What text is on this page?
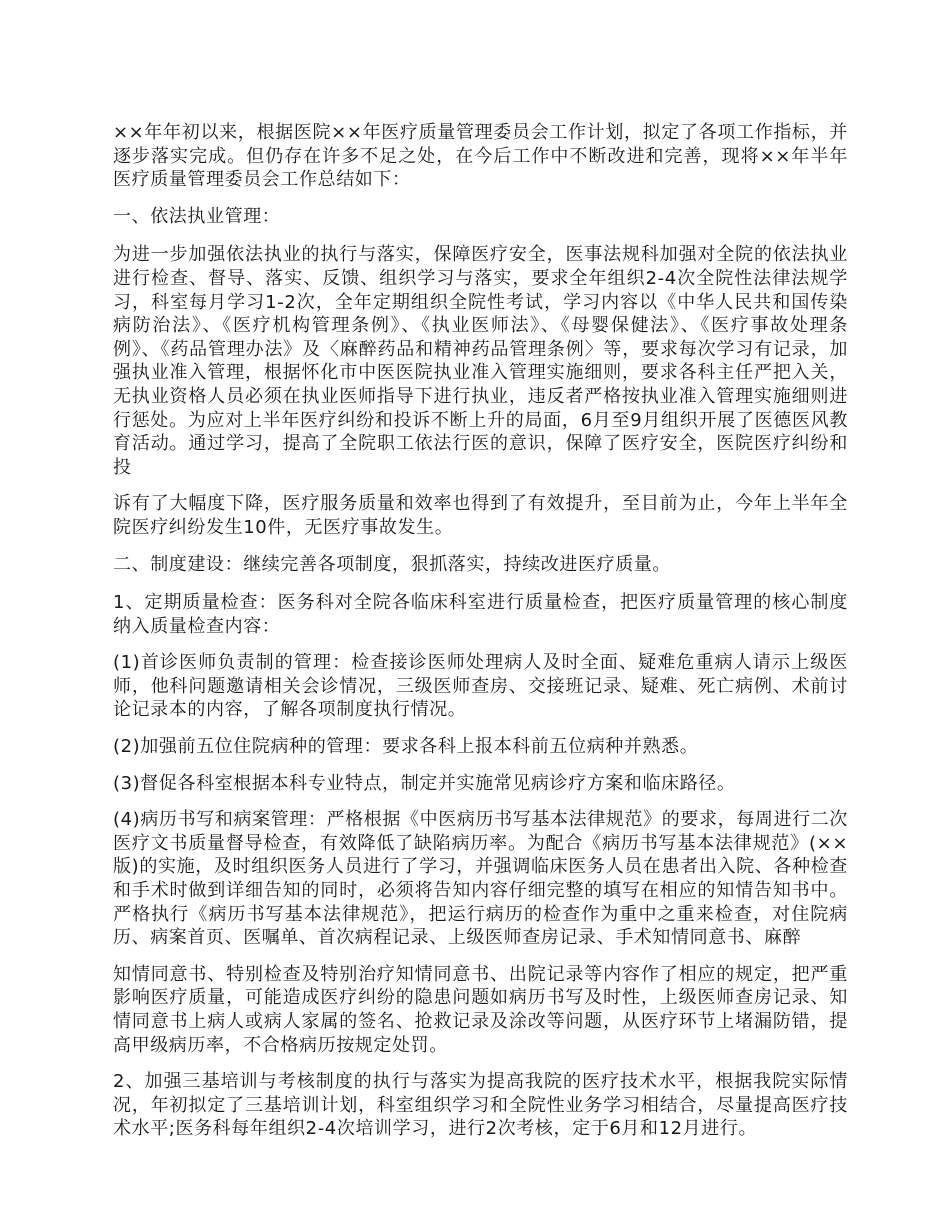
××年年初以来，根据医院××年医疗质量管理委员会工作计划，拟定了各项工作指标，并逐步落实完成。但仍存在许多不足之处，在今后工作中不断改进和完善，现将××年半年医疗质量管理委员会工作总结如下：

一、依法执业管理：

为进一步加强依法执业的执行与落实，保障医疗安全，医事法规科加强对全院的依法执业进行检查、督导、落实、反馈、组织学习与落实，要求全年组织2-4次全院性法律法规学习，科室每月学习1-2次，全年定期组织全院性考试，学习内容以《中华人民共和国传染病防治法》、《医疗机构管理条例》、《执业医师法》、《母婴保健法》、《医疗事故处理条例》、《药品管理办法》及〈麻醉药品和精神药品管理条例〉等，要求每次学习有记录，加强执业准入管理，根据怀化市中医医院执业准入管理实施细则，要求各科主任严把入关，无执业资格人员必须在执业医师指导下进行执业，违反者严格按执业准入管理实施细则进行惩处。为应对上半年医疗纠纷和投诉不断上升的局面，6月至9月组织开展了医德医风教育活动。通过学习，提高了全院职工依法行医的意识，保障了医疗安全，医院医疗纠纷和投

诉有了大幅度下降，医疗服务质量和效率也得到了有效提升，至目前为止，今年上半年全院医疗纠纷发生10件，无医疗事故发生。

二、制度建设：继续完善各项制度，狠抓落实，持续改进医疗质量。

1、定期质量检查：医务科对全院各临床科室进行质量检查，把医疗质量管理的核心制度纳入质量检查内容：

(1)首诊医师负责制的管理：检查接诊医师处理病人及时全面、疑难危重病人请示上级医师，他科问题邀请相关会诊情况，三级医师查房、交接班记录、疑难、死亡病例、术前讨论记录本的内容，了解各项制度执行情况。

(2)加强前五位住院病种的管理：要求各科上报本科前五位病种并熟悉。

(3)督促各科室根据本科专业特点，制定并实施常见病诊疗方案和临床路径。

(4)病历书写和病案管理：严格根据《中医病历书写基本法律规范》的要求，每周进行二次医疗文书质量督导检查，有效降低了缺陷病历率。为配合《病历书写基本法律规范》(××版)的实施，及时组织医务人员进行了学习，并强调临床医务人员在患者出入院、各种检查和手术时做到详细告知的同时，必须将告知内容仔细完整的填写在相应的知情告知书中。严格执行《病历书写基本法律规范》，把运行病历的检查作为重中之重来检查，对住院病历、病案首页、医嘱单、首次病程记录、上级医师查房记录、手术知情同意书、麻醉

知情同意书、特别检查及特别治疗知情同意书、出院记录等内容作了相应的规定，把严重影响医疗质量，可能造成医疗纠纷的隐患问题如病历书写及时性，上级医师查房记录、知情同意书上病人或病人家属的签名、抢救记录及涂改等问题，从医疗环节上堵漏防错，提高甲级病历率，不合格病历按规定处罚。

2、加强三基培训与考核制度的执行与落实为提高我院的医疗技术水平，根据我院实际情况，年初拟定了三基培训计划，科室组织学习和全院性业务学习相结合，尽量提高医疗技术水平;医务科每年组织2-4次培训学习，进行2次考核，定于6月和12月进行。
